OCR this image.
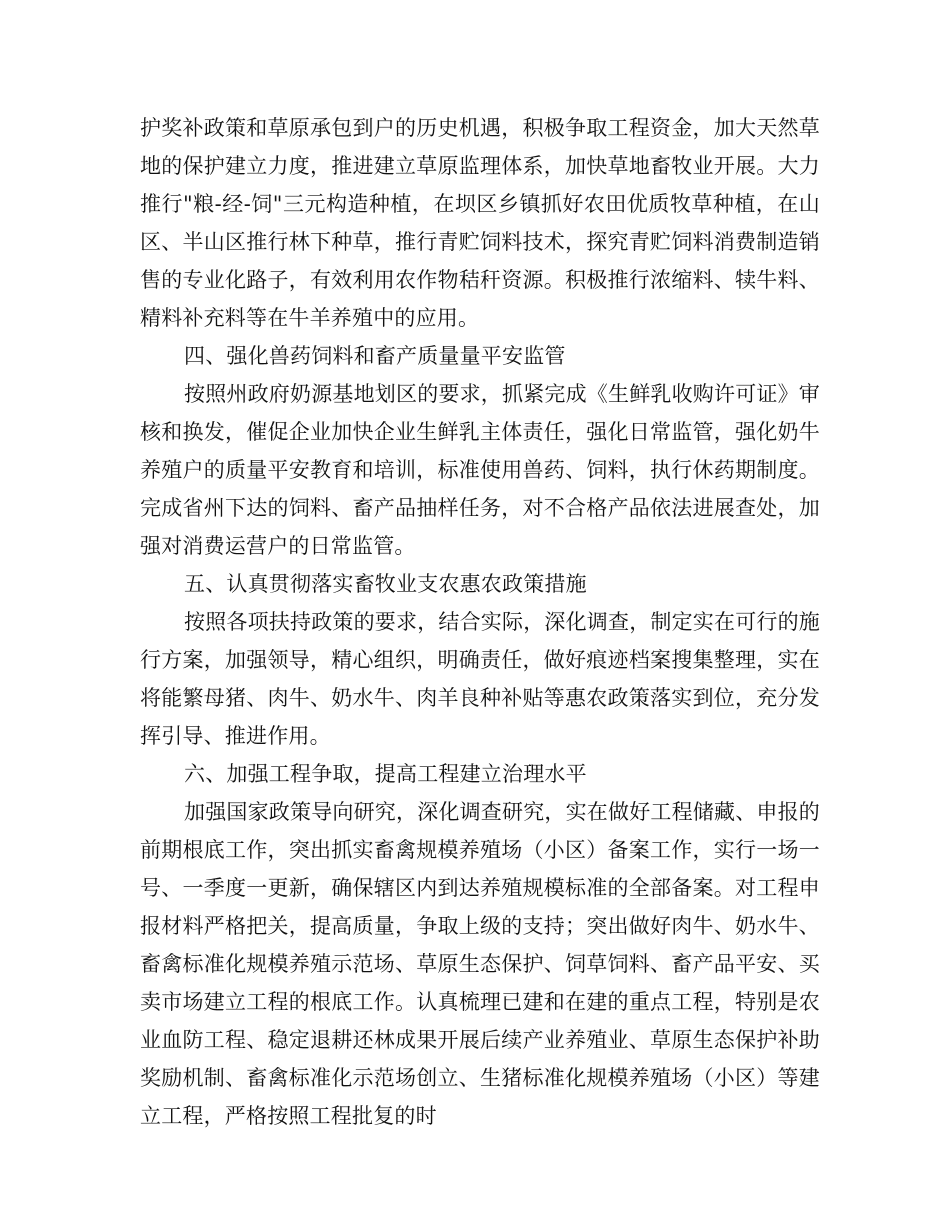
护奖补政策和草原承包到户的历史机遇，积极争取工程资金，加大天然草地的保护建立力度，推进建立草原监理体系，加快草地畜牧业开展。大力推行"粮-经-饲"三元构造种植，在坝区乡镇抓好农田优质牧草种植，在山区、半山区推行林下种草，推行青贮饲料技术，探究青贮饲料消费制造销售的专业化路子，有效利用农作物秸秆资源。积极推行浓缩料、犊牛料、精料补充料等在牛羊养殖中的应用。

四、强化兽药饲料和畜产质量量平安监管

按照州政府奶源基地划区的要求，抓紧完成《生鲜乳收购许可证》审核和换发，催促企业加快企业生鲜乳主体责任，强化日常监管，强化奶牛养殖户的质量平安教育和培训，标准使用兽药、饲料，执行休药期制度。完成省州下达的饲料、畜产品抽样任务，对不合格产品依法进展查处，加强对消费运营户的日常监管。

五、认真贯彻落实畜牧业支农惠农政策措施

按照各项扶持政策的要求，结合实际，深化调查，制定实在可行的施行方案，加强领导，精心组织，明确责任，做好痕迹档案搜集整理，实在将能繁母猪、肉牛、奶水牛、肉羊良种补贴等惠农政策落实到位，充分发挥引导、推进作用。

六、加强工程争取，提高工程建立治理水平

加强国家政策导向研究，深化调查研究，实在做好工程储藏、申报的前期根底工作，突出抓实畜禽规模养殖场（小区）备案工作，实行一场一号、一季度一更新，确保辖区内到达养殖规模标准的全部备案。对工程申报材料严格把关，提高质量，争取上级的支持；突出做好肉牛、奶水牛、畜禽标准化规模养殖示范场、草原生态保护、饲草饲料、畜产品平安、买卖市场建立工程的根底工作。认真梳理已建和在建的重点工程，特别是农业血防工程、稳定退耕还林成果开展后续产业养殖业、草原生态保护补助奖励机制、畜禽标准化示范场创立、生猪标准化规模养殖场（小区）等建立工程，严格按照工程批复的时
